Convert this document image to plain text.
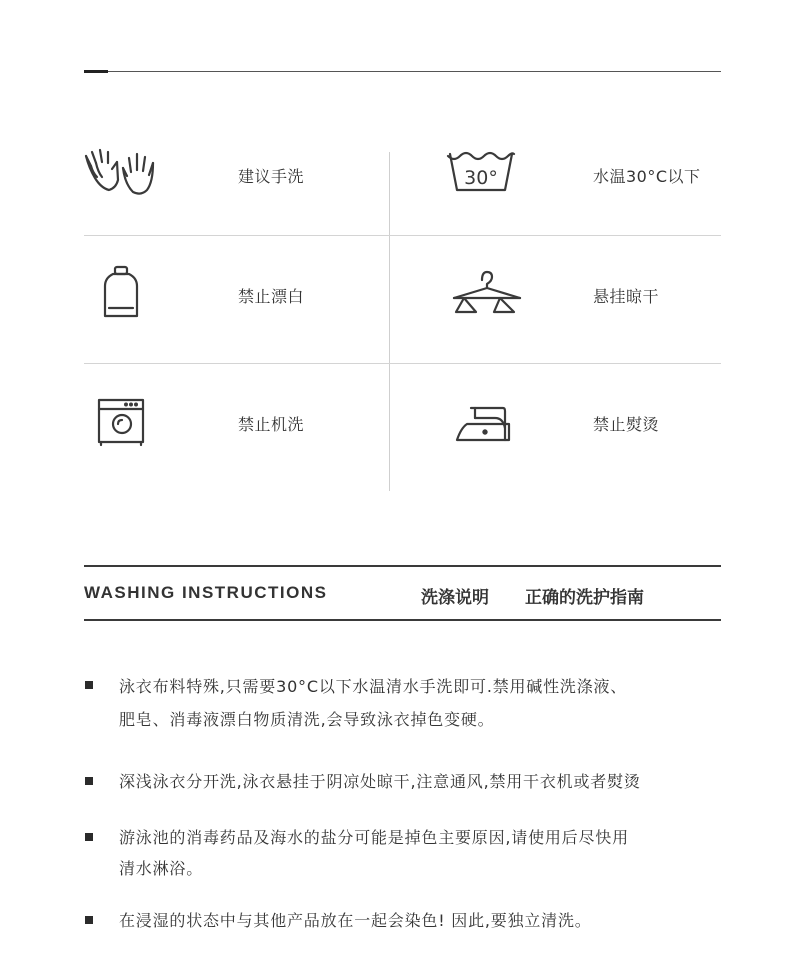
建议手洗	30°	水温30°C以下
禁止漂白	悬挂晾干
禁止机洗	禁止熨烫
WASHING INSTRUCTIONS	洗涤说明 正确的洗护指南
泳衣布料特殊,只需要30°C以下水温清水手洗即可.禁用碱性洗涤液、
肥皂、消毒液漂白物质清洗,会导致泳衣掉色变硬。
深浅泳衣分开洗,泳衣悬挂于阴凉处晾干,注意通风,禁用干衣机或者熨烫
游泳池的消毒药品及海水的盐分可能是掉色主要原因,请使用后尽快用
清水淋浴。
在浸湿的状态中与其他产品放在一起会染色! 因此,要独立清洗。
